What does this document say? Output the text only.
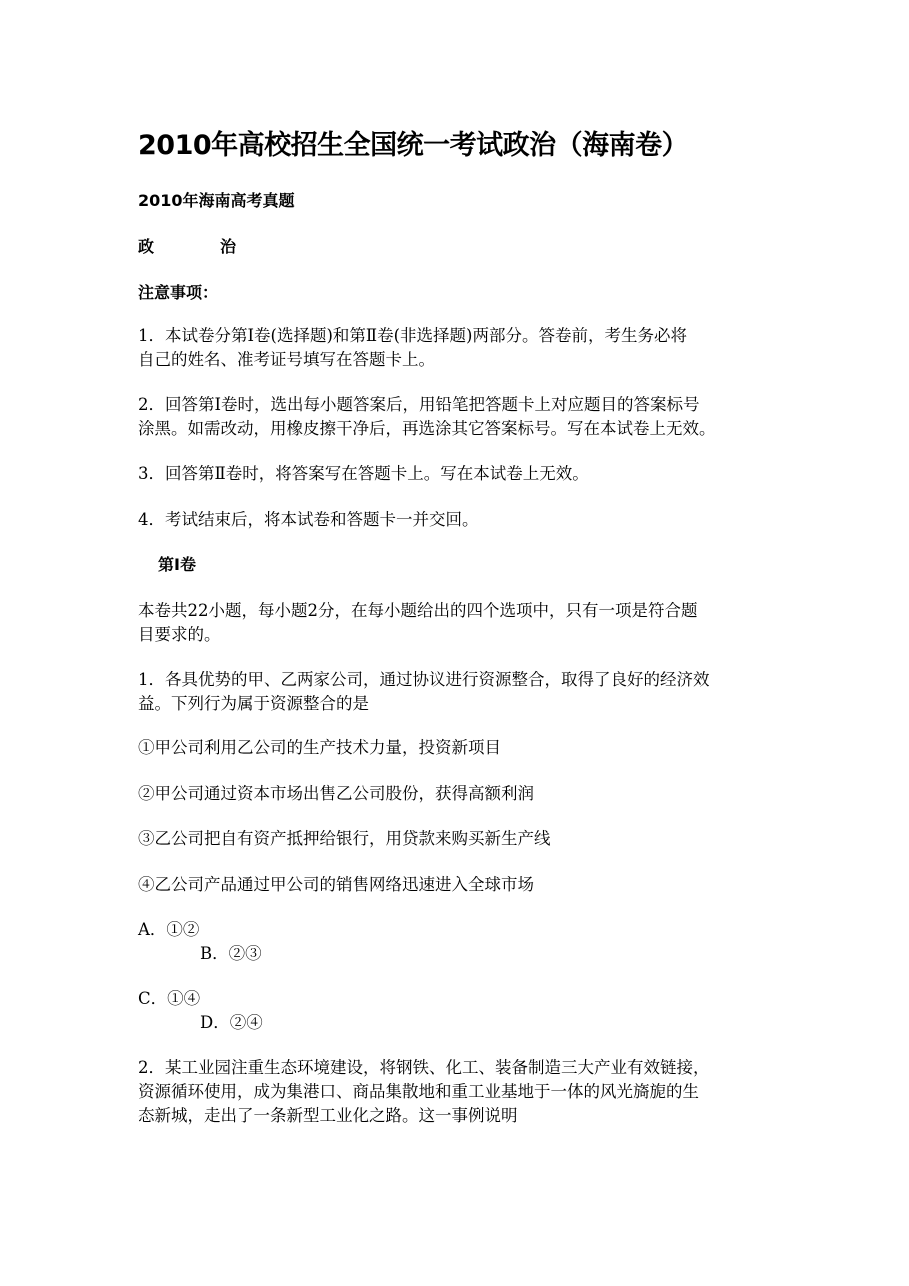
2010年高校招生全国统一考试政治（海南卷）
2010年海南高考真题
政	治
注意事项：
1．本试卷分第Ⅰ卷(选择题)和第Ⅱ卷(非选择题)两部分。答卷前，考生务必将
自己的姓名、准考证号填写在答题卡上。
2．回答第Ⅰ卷时，选出每小题答案后，用铅笔把答题卡上对应题目的答案标号
涂黑。如需改动，用橡皮擦干净后，再选涂其它答案标号。写在本试卷上无效。
3．回答第Ⅱ卷时，将答案写在答题卡上。写在本试卷上无效。
4．考试结束后，将本试卷和答题卡一并交回。
第Ⅰ卷
本卷共22小题，每小题2分，在每小题给出的四个选项中，只有一项是符合题
目要求的。
1．各具优势的甲、乙两家公司，通过协议进行资源整合，取得了良好的经济效
益。下列行为属于资源整合的是
①甲公司利用乙公司的生产技术力量，投资新项目
②甲公司通过资本市场出售乙公司股份，获得高额利润
③乙公司把自有资产抵押给银行，用贷款来购买新生产线
④乙公司产品通过甲公司的销售网络迅速进入全球市场
A．①②
B．②③
C．①④
D．②④
2．某工业园注重生态环境建设，将钢铁、化工、装备制造三大产业有效链接，
资源循环使用，成为集港口、商品集散地和重工业基地于一体的风光旖旎的生
态新城，走出了一条新型工业化之路。这一事例说明
